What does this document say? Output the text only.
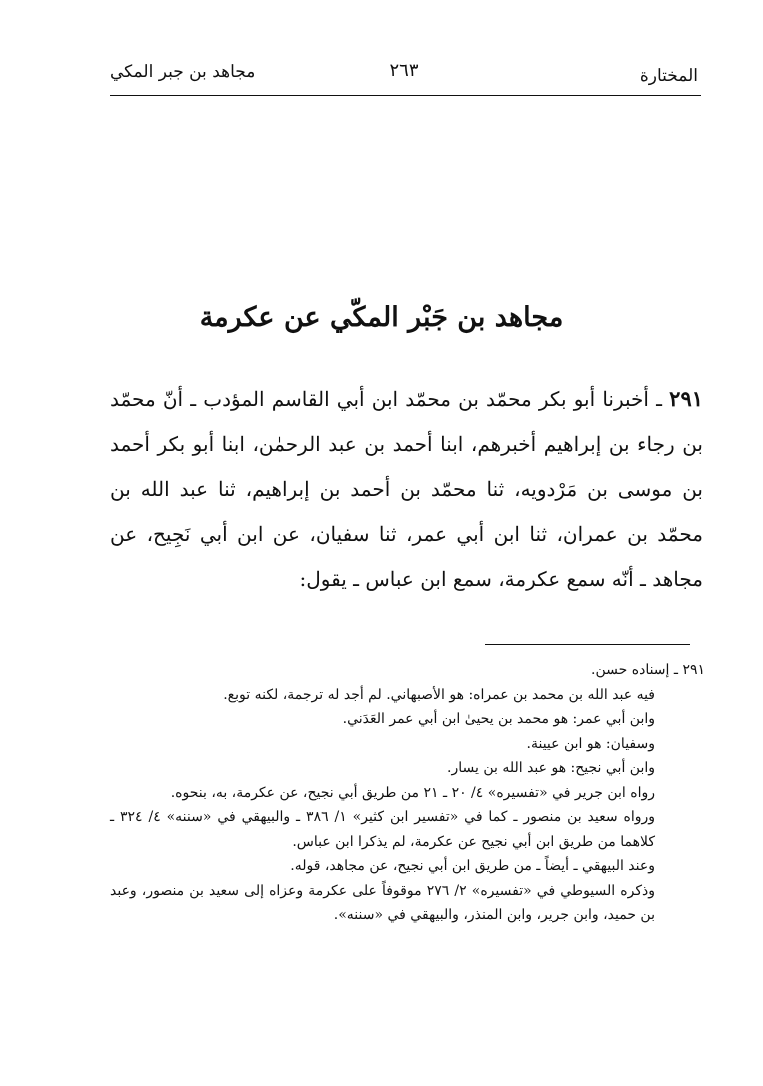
المختارة
٢٦٣
مجاهد بن جبر المكي
مجاهد بن جَبْر المكّي عن عكرمة
٢٩١ ـ أخبرنا أبو بكر محمّد بن محمّد ابن أبي القاسم المؤدب ـ أنّ محمّد بن رجاء بن إبراهيم أخبرهم، ابنا أحمد بن عبد الرحمٰن، ابنا أبو بكر أحمد بن موسى بن مَرْدويه، ثنا محمّد بن أحمد بن إبراهيم، ثنا عبد الله بن محمّد بن عمران، ثنا ابن أبي عمر، ثنا سفيان، عن ابن أبي نَجِيح، عن مجاهد ـ أنّه سمع عكرمة، سمع ابن عباس ـ يقول:
٢٩١ ـ إسناده حسن.
فيه عبد الله بن محمد بن عمراه: هو الأصبهاني. لم أجد له ترجمة، لكنه توبع.
وابن أبي عمر: هو محمد بن يحيىٰ ابن أبي عمر العَدَني.
وسفيان: هو ابن عيينة.
وابن أبي نجيح: هو عبد الله بن يسار.
رواه ابن جرير في «تفسيره» ٤/ ٢٠ ـ ٢١ من طريق أبي نجيح، عن عكرمة، به، بنحوه.
ورواه سعيد بن منصور ـ كما في «تفسير ابن كثير» ١/ ٣٨٦ ـ والبيهقي في «سننه» ٤/ ٣٢٤ ـ كلاهما من طريق ابن أبي نجيح عن عكرمة، لم يذكرا ابن عباس.
وعند البيهقي ـ أيضاً ـ من طريق ابن أبي نجيح، عن مجاهد، قوله.
وذكره السيوطي في «تفسيره» ٢/ ٢٧٦ موقوفاً على عكرمة وعزاه إلى سعيد بن منصور، وعبد بن حميد، وابن جرير، وابن المنذر، والبيهقي في «سننه».
